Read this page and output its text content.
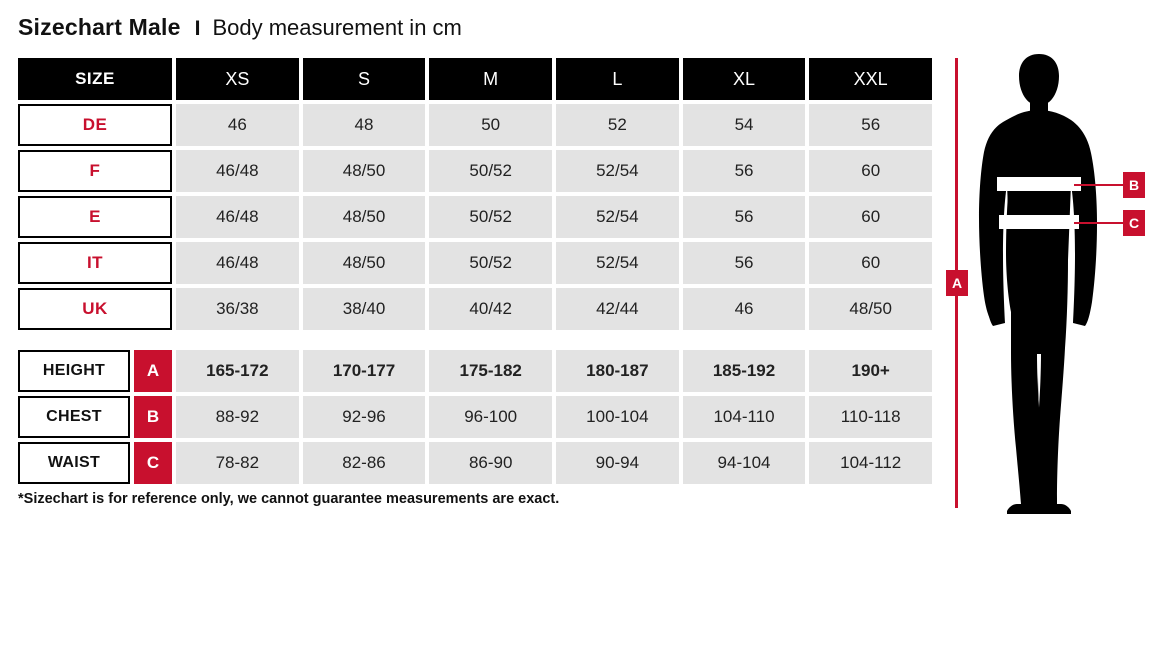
Sizechart Male I Body measurement in cm
SIZE	XS	S	M	L	XL	XXL
DE	46	48	50	52	54	56
F	46/48	48/50	50/52	52/54	56	60
E	46/48	48/50	50/52	52/54	56	60
IT	46/48	48/50	50/52	52/54	56	60
UK	36/38	38/40	40/42	42/44	46	48/50
HEIGHT	A	165-172	170-177	175-182	180-187	185-192	190+
CHEST	B	88-92	92-96	96-100	100-104	104-110	110-118
WAIST	C	78-82	82-86	86-90	90-94	94-104	104-112
*Sizechart is for reference only, we cannot guarantee measurements are exact.
A
B
C
